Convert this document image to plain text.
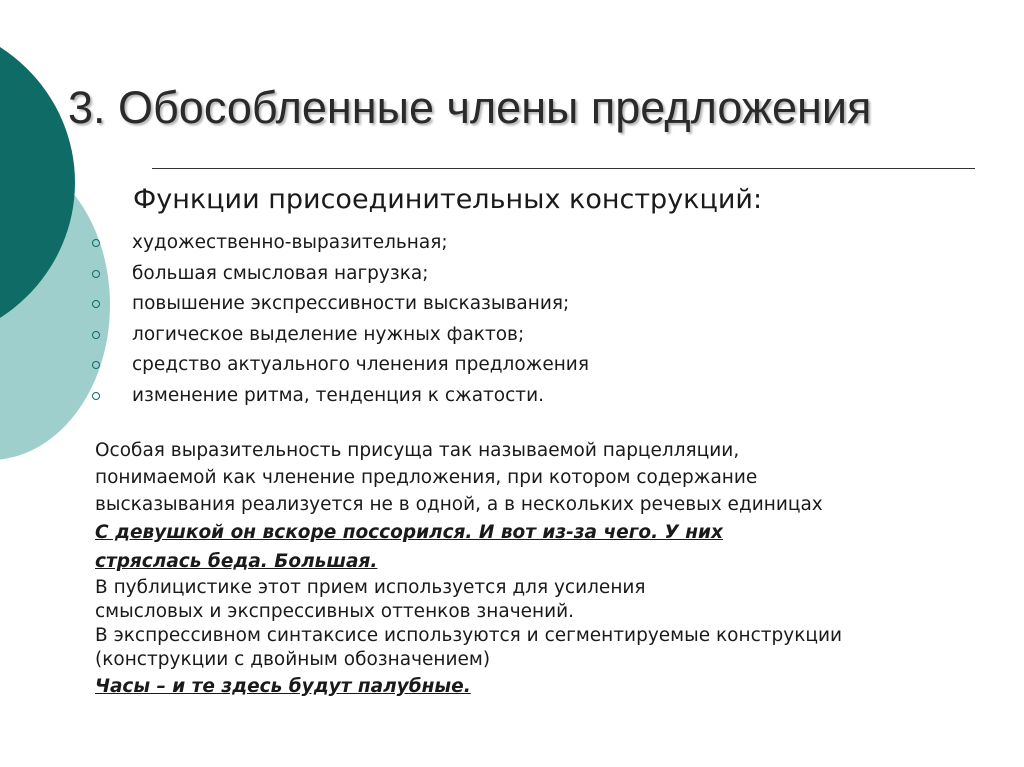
3. Обособленные члены предложения
Функции присоединительных конструкций:
художественно-выразительная;
большая смысловая нагрузка;
повышение экспрессивности высказывания;
логическое выделение нужных фактов;
средство актуального членения предложения
изменение ритма, тенденция к сжатости.
Особая выразительность присуща так называемой парцелляции,
понимаемой как членение предложения, при котором содержание
высказывания реализуется не в одной, а в нескольких речевых единицах
С девушкой он вскоре поссорился. И вот из-за чего. У них
стряслась беда. Большая.
В публицистике этот прием используется для усиления
смысловых и экспрессивных оттенков значений.
В экспрессивном синтаксисе используются и сегментируемые конструкции
(конструкции с двойным обозначением)
Часы – и те здесь будут палубные.
